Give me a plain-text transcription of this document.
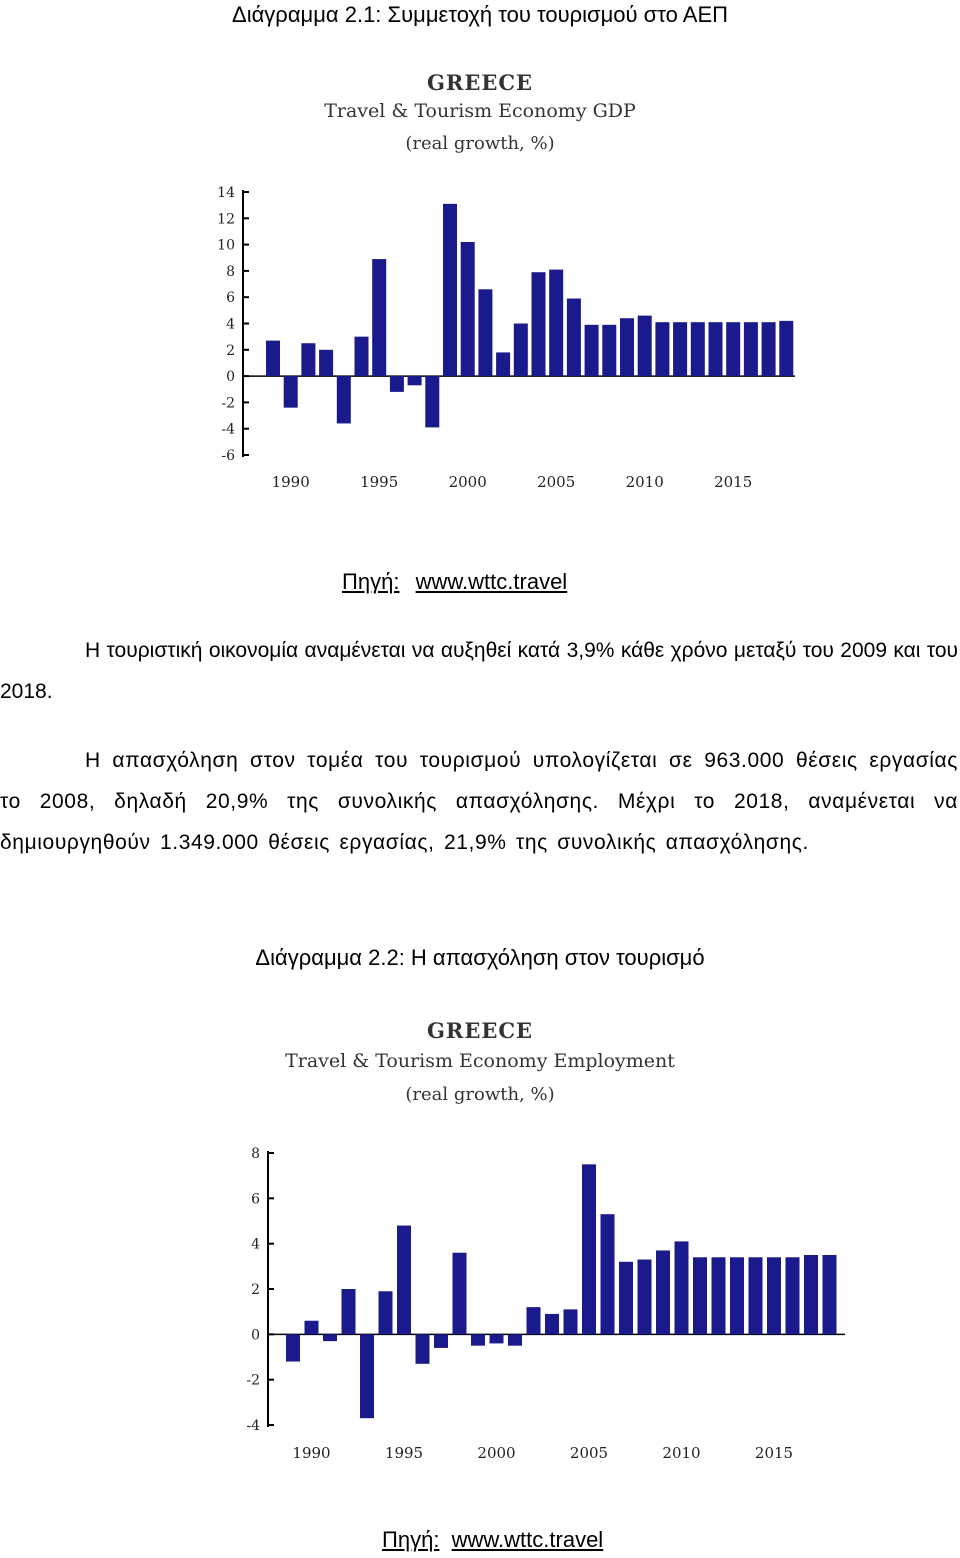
Διάγραμμα 2.1: Συμμετοχή του τουρισμού στο ΑΕΠ
GREECE
Travel & Tourism Economy GDP
(real growth, %)
14
12
10
8
6
4
2
0
-2
-4
-6
1990	1995	2000	2005	2010	2015
Πηγή: www.wttc.travel

Η τουριστική οικονομία αναμένεται να αυξηθεί κατά 3,9% κάθε χρόνο μεταξύ του 2009 και του 2018.

Η απασχόληση στον τομέα του τουρισμού υπολογίζεται σε 963.000 θέσεις εργασίας το 2008, δηλαδή 20,9% της συνολικής απασχόλησης. Μέχρι το 2018, αναμένεται να δημιουργηθούν 1.349.000 θέσεις εργασίας, 21,9% της συνολικής απασχόλησης.

Διάγραμμα 2.2: Η απασχόληση στον τουρισμό
GREECE
Travel & Tourism Economy Employment
(real growth, %)
8
6
4
2
0
-2
-4
1990	1995	2000	2005	2010	2015
Πηγή: www.wttc.travel
